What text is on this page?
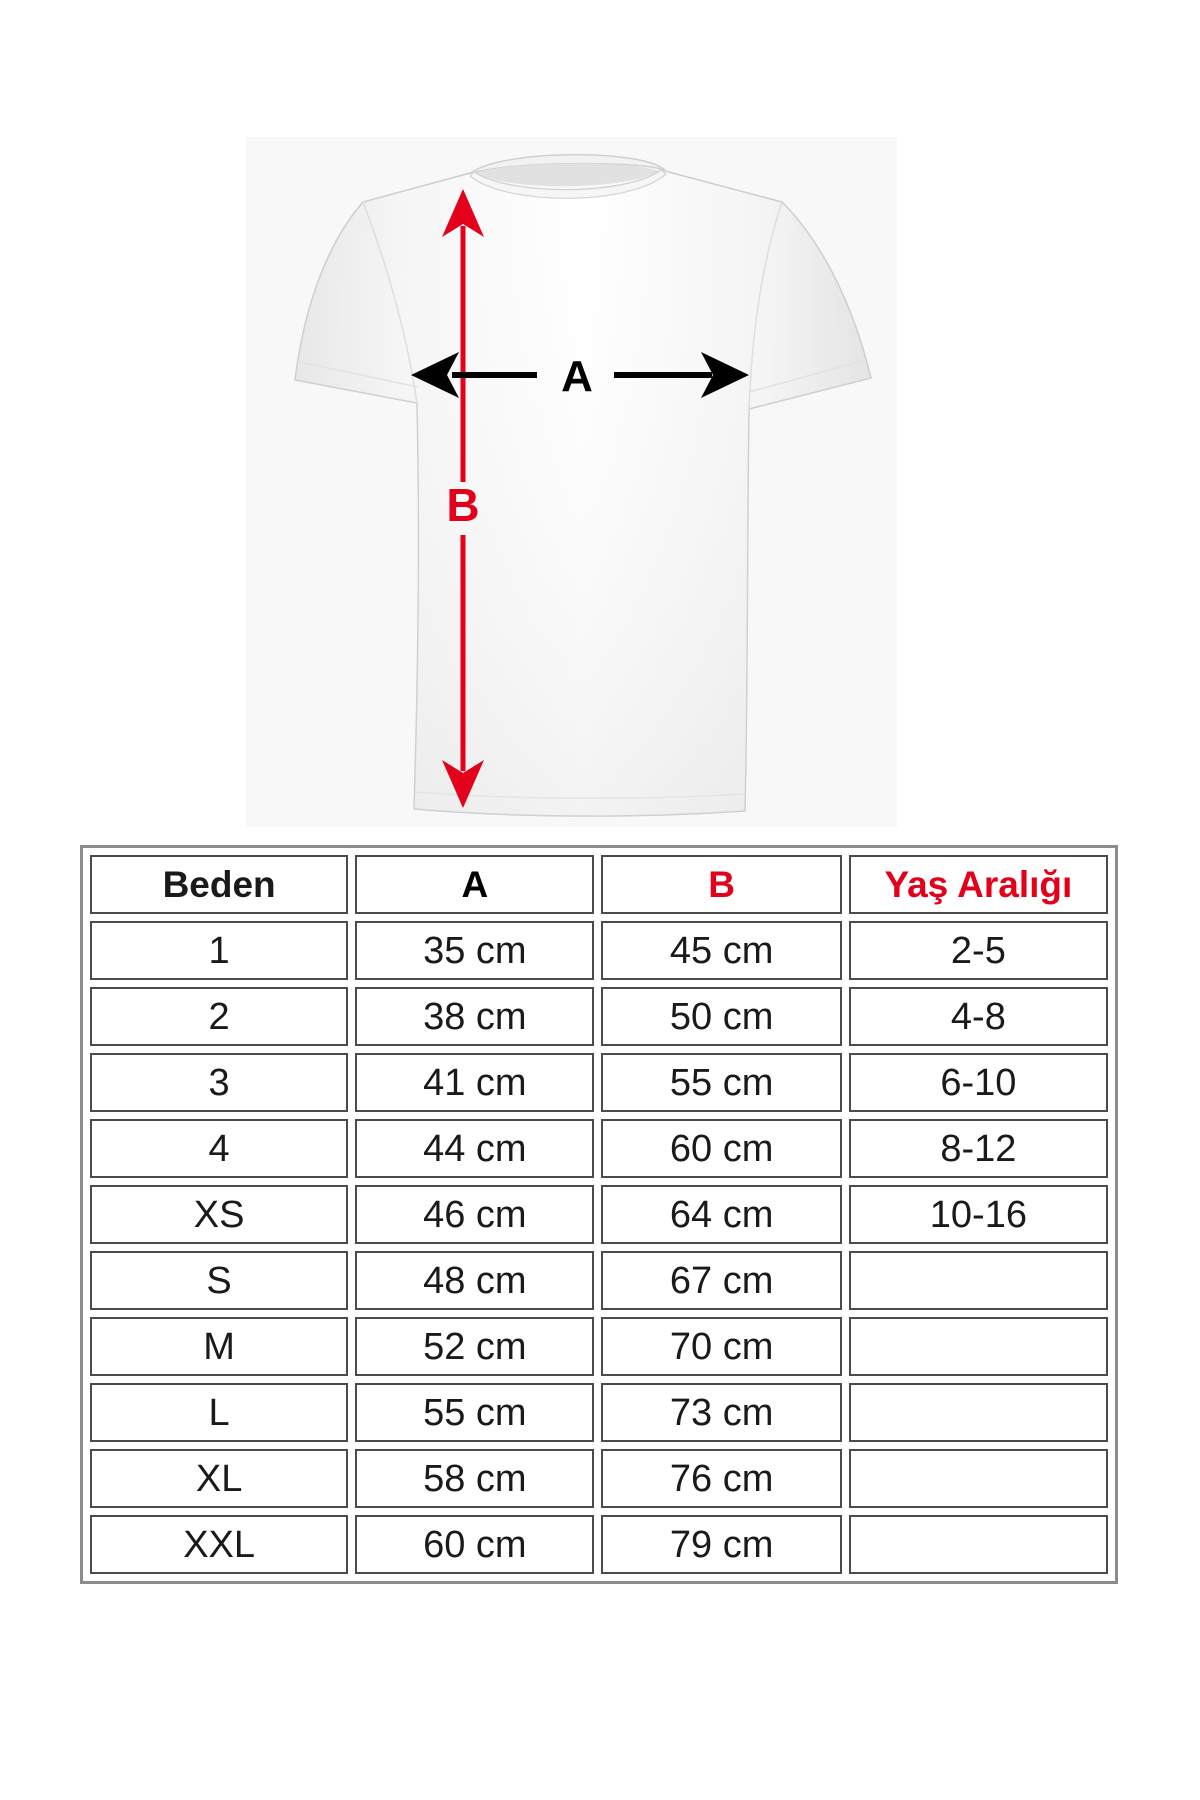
B
A
Beden	A	B	Yaş Aralığı
1	35 cm	45 cm	2-5
2	38 cm	50 cm	4-8
3	41 cm	55 cm	6-10
4	44 cm	60 cm	8-12
XS	46 cm	64 cm	10-16
S	48 cm	67 cm	
M	52 cm	70 cm	
L	55 cm	73 cm	
XL	58 cm	76 cm	
XXL	60 cm	79 cm	
